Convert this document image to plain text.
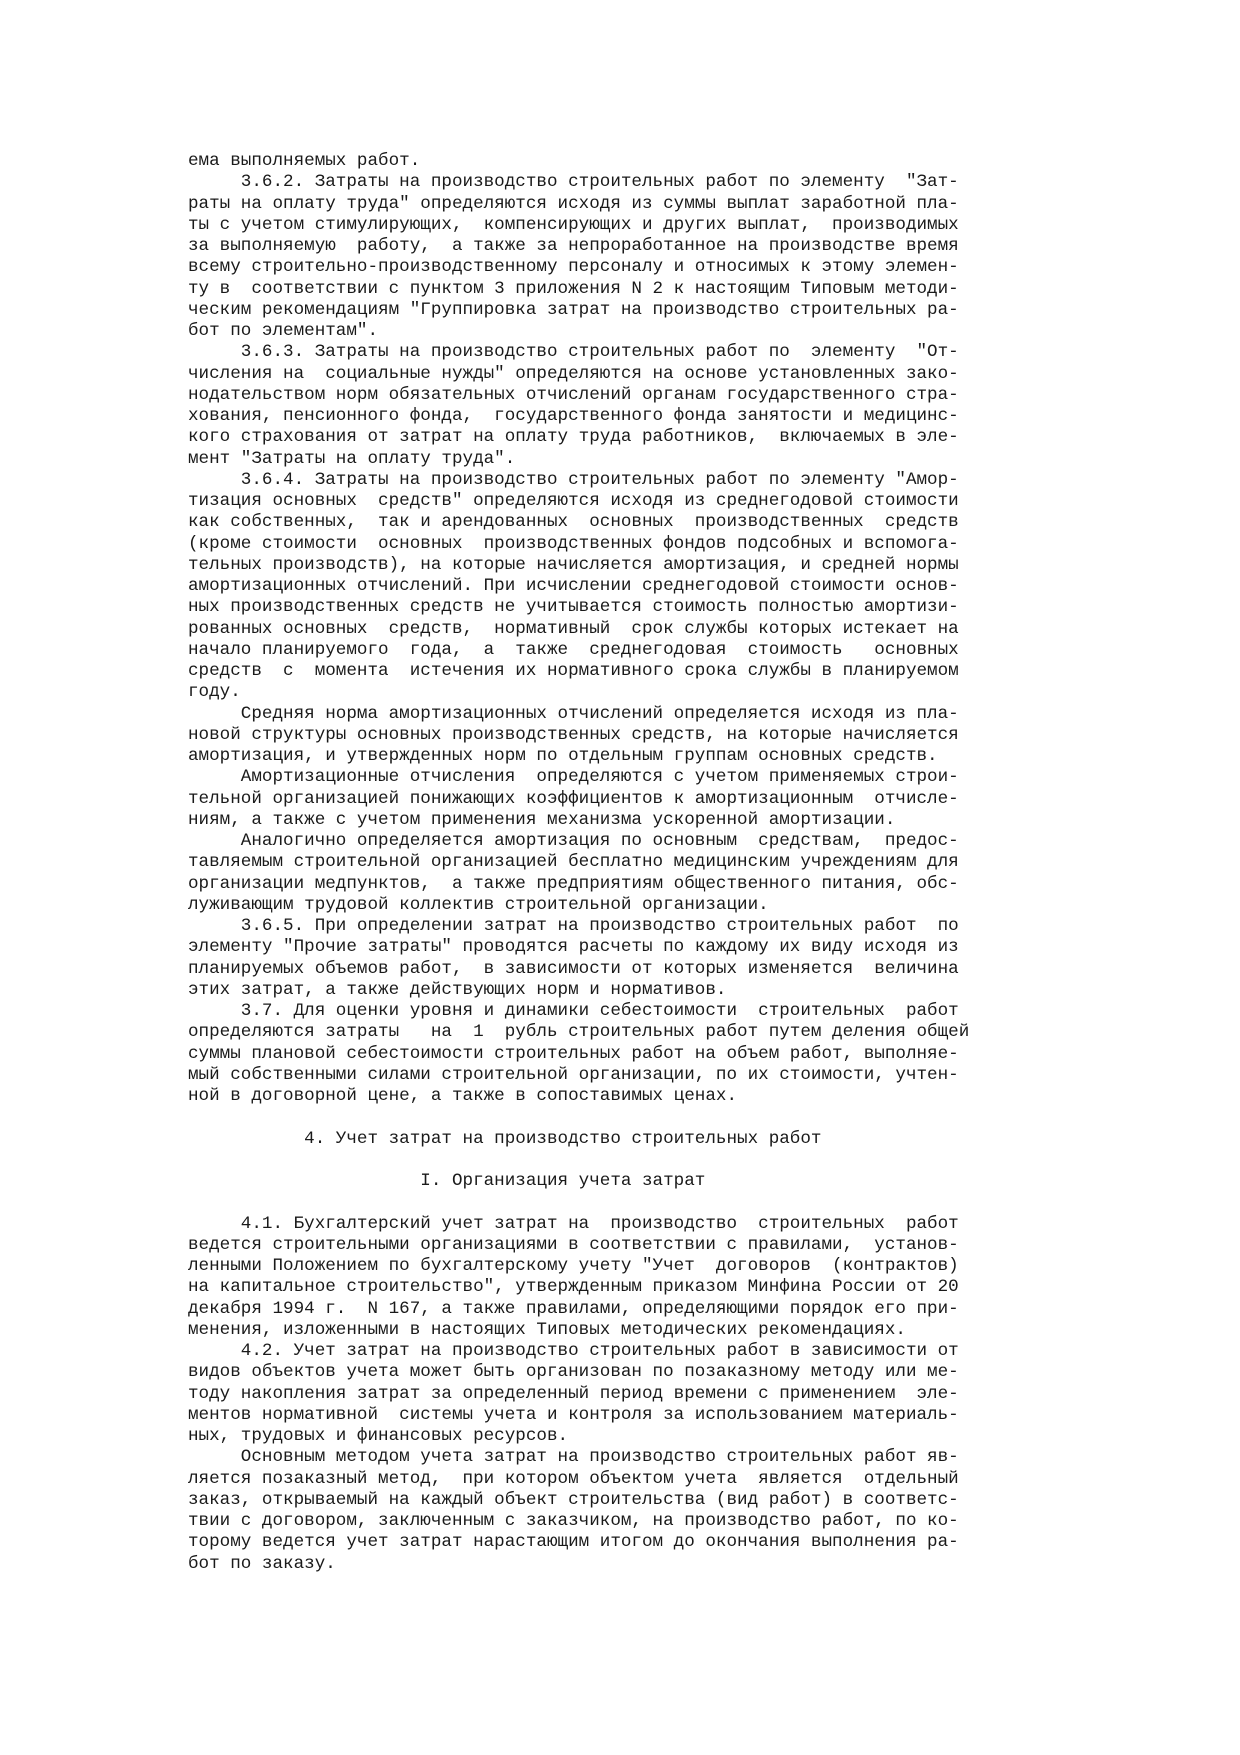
ема выполняемых работ.
3.6.2. Затраты на производство строительных работ по элементу  "Зат-
раты на оплату труда" определяются исходя из суммы выплат заработной пла-
ты с учетом стимулирующих,  компенсирующих и других выплат,  производимых
за выполняемую  работу,  а также за непроработанное на производстве время
всему строительно-производственному персоналу и относимых к этому элемен-
ту в  соответствии с пунктом 3 приложения N 2 к настоящим Типовым методи-
ческим рекомендациям "Группировка затрат на производство строительных ра-
бот по элементам".
3.6.3. Затраты на производство строительных работ по  элементу  "От-
числения на  социальные нужды" определяются на основе установленных зако-
нодательством норм обязательных отчислений органам государственного стра-
хования, пенсионного фонда,  государственного фонда занятости и медицинс-
кого страхования от затрат на оплату труда работников,  включаемых в эле-
мент "Затраты на оплату труда".
3.6.4. Затраты на производство строительных работ по элементу "Амор-
тизация основных  средств" определяются исходя из среднегодовой стоимости
как собственных,  так и арендованных  основных  производственных  средств
(кроме стоимости  основных  производственных фондов подсобных и вспомога-
тельных производств), на которые начисляется амортизация, и средней нормы
амортизационных отчислений. При исчислении среднегодовой стоимости основ-
ных производственных средств не учитывается стоимость полностью амортизи-
рованных основных  средств,  нормативный  срок службы которых истекает на
начало планируемого  года,  а  также  среднегодовая  стоимость   основных
средств  с  момента  истечения их нормативного срока службы в планируемом
году.
Средняя норма амортизационных отчислений определяется исходя из пла-
новой структуры основных производственных средств, на которые начисляется
амортизация, и утвержденных норм по отдельным группам основных средств.
Амортизационные отчисления  определяются с учетом применяемых строи-
тельной организацией понижающих коэффициентов к амортизационным  отчисле-
ниям, а также с учетом применения механизма ускоренной амортизации.
Аналогично определяется амортизация по основным  средствам,  предос-
тавляемым строительной организацией бесплатно медицинским учреждениям для
организации медпунктов,  а также предприятиям общественного питания, обс-
луживающим трудовой коллектив строительной организации.
3.6.5. При определении затрат на производство строительных работ  по
элементу "Прочие затраты" проводятся расчеты по каждому их виду исходя из
планируемых объемов работ,  в зависимости от которых изменяется  величина
этих затрат, а также действующих норм и нормативов.
3.7. Для оценки уровня и динамики себестоимости  строительных  работ
определяются затраты   на  1  рубль строительных работ путем деления общей
суммы плановой себестоимости строительных работ на объем работ, выполняе-
мый собственными силами строительной организации, по их стоимости, учтен-
ной в договорной цене, а также в сопоставимых ценах.
4. Учет затрат на производство строительных работ
I. Организация учета затрат
4.1. Бухгалтерский учет затрат на  производство  строительных  работ
ведется строительными организациями в соответствии с правилами,  установ-
ленными Положением по бухгалтерскому учету "Учет  договоров  (контрактов)
на капитальное строительство", утвержденным приказом Минфина России от 20
декабря 1994 г.  N 167, а также правилами, определяющими порядок его при-
менения, изложенными в настоящих Типовых методических рекомендациях.
4.2. Учет затрат на производство строительных работ в зависимости от
видов объектов учета может быть организован по позаказному методу или ме-
тоду накопления затрат за определенный период времени с применением  эле-
ментов нормативной  системы учета и контроля за использованием материаль-
ных, трудовых и финансовых ресурсов.
Основным методом учета затрат на производство строительных работ яв-
ляется позаказный метод,  при котором объектом учета  является  отдельный
заказ, открываемый на каждый объект строительства (вид работ) в соответс-
твии с договором, заключенным с заказчиком, на производство работ, по ко-
торому ведется учет затрат нарастающим итогом до окончания выполнения ра-
бот по заказу.
